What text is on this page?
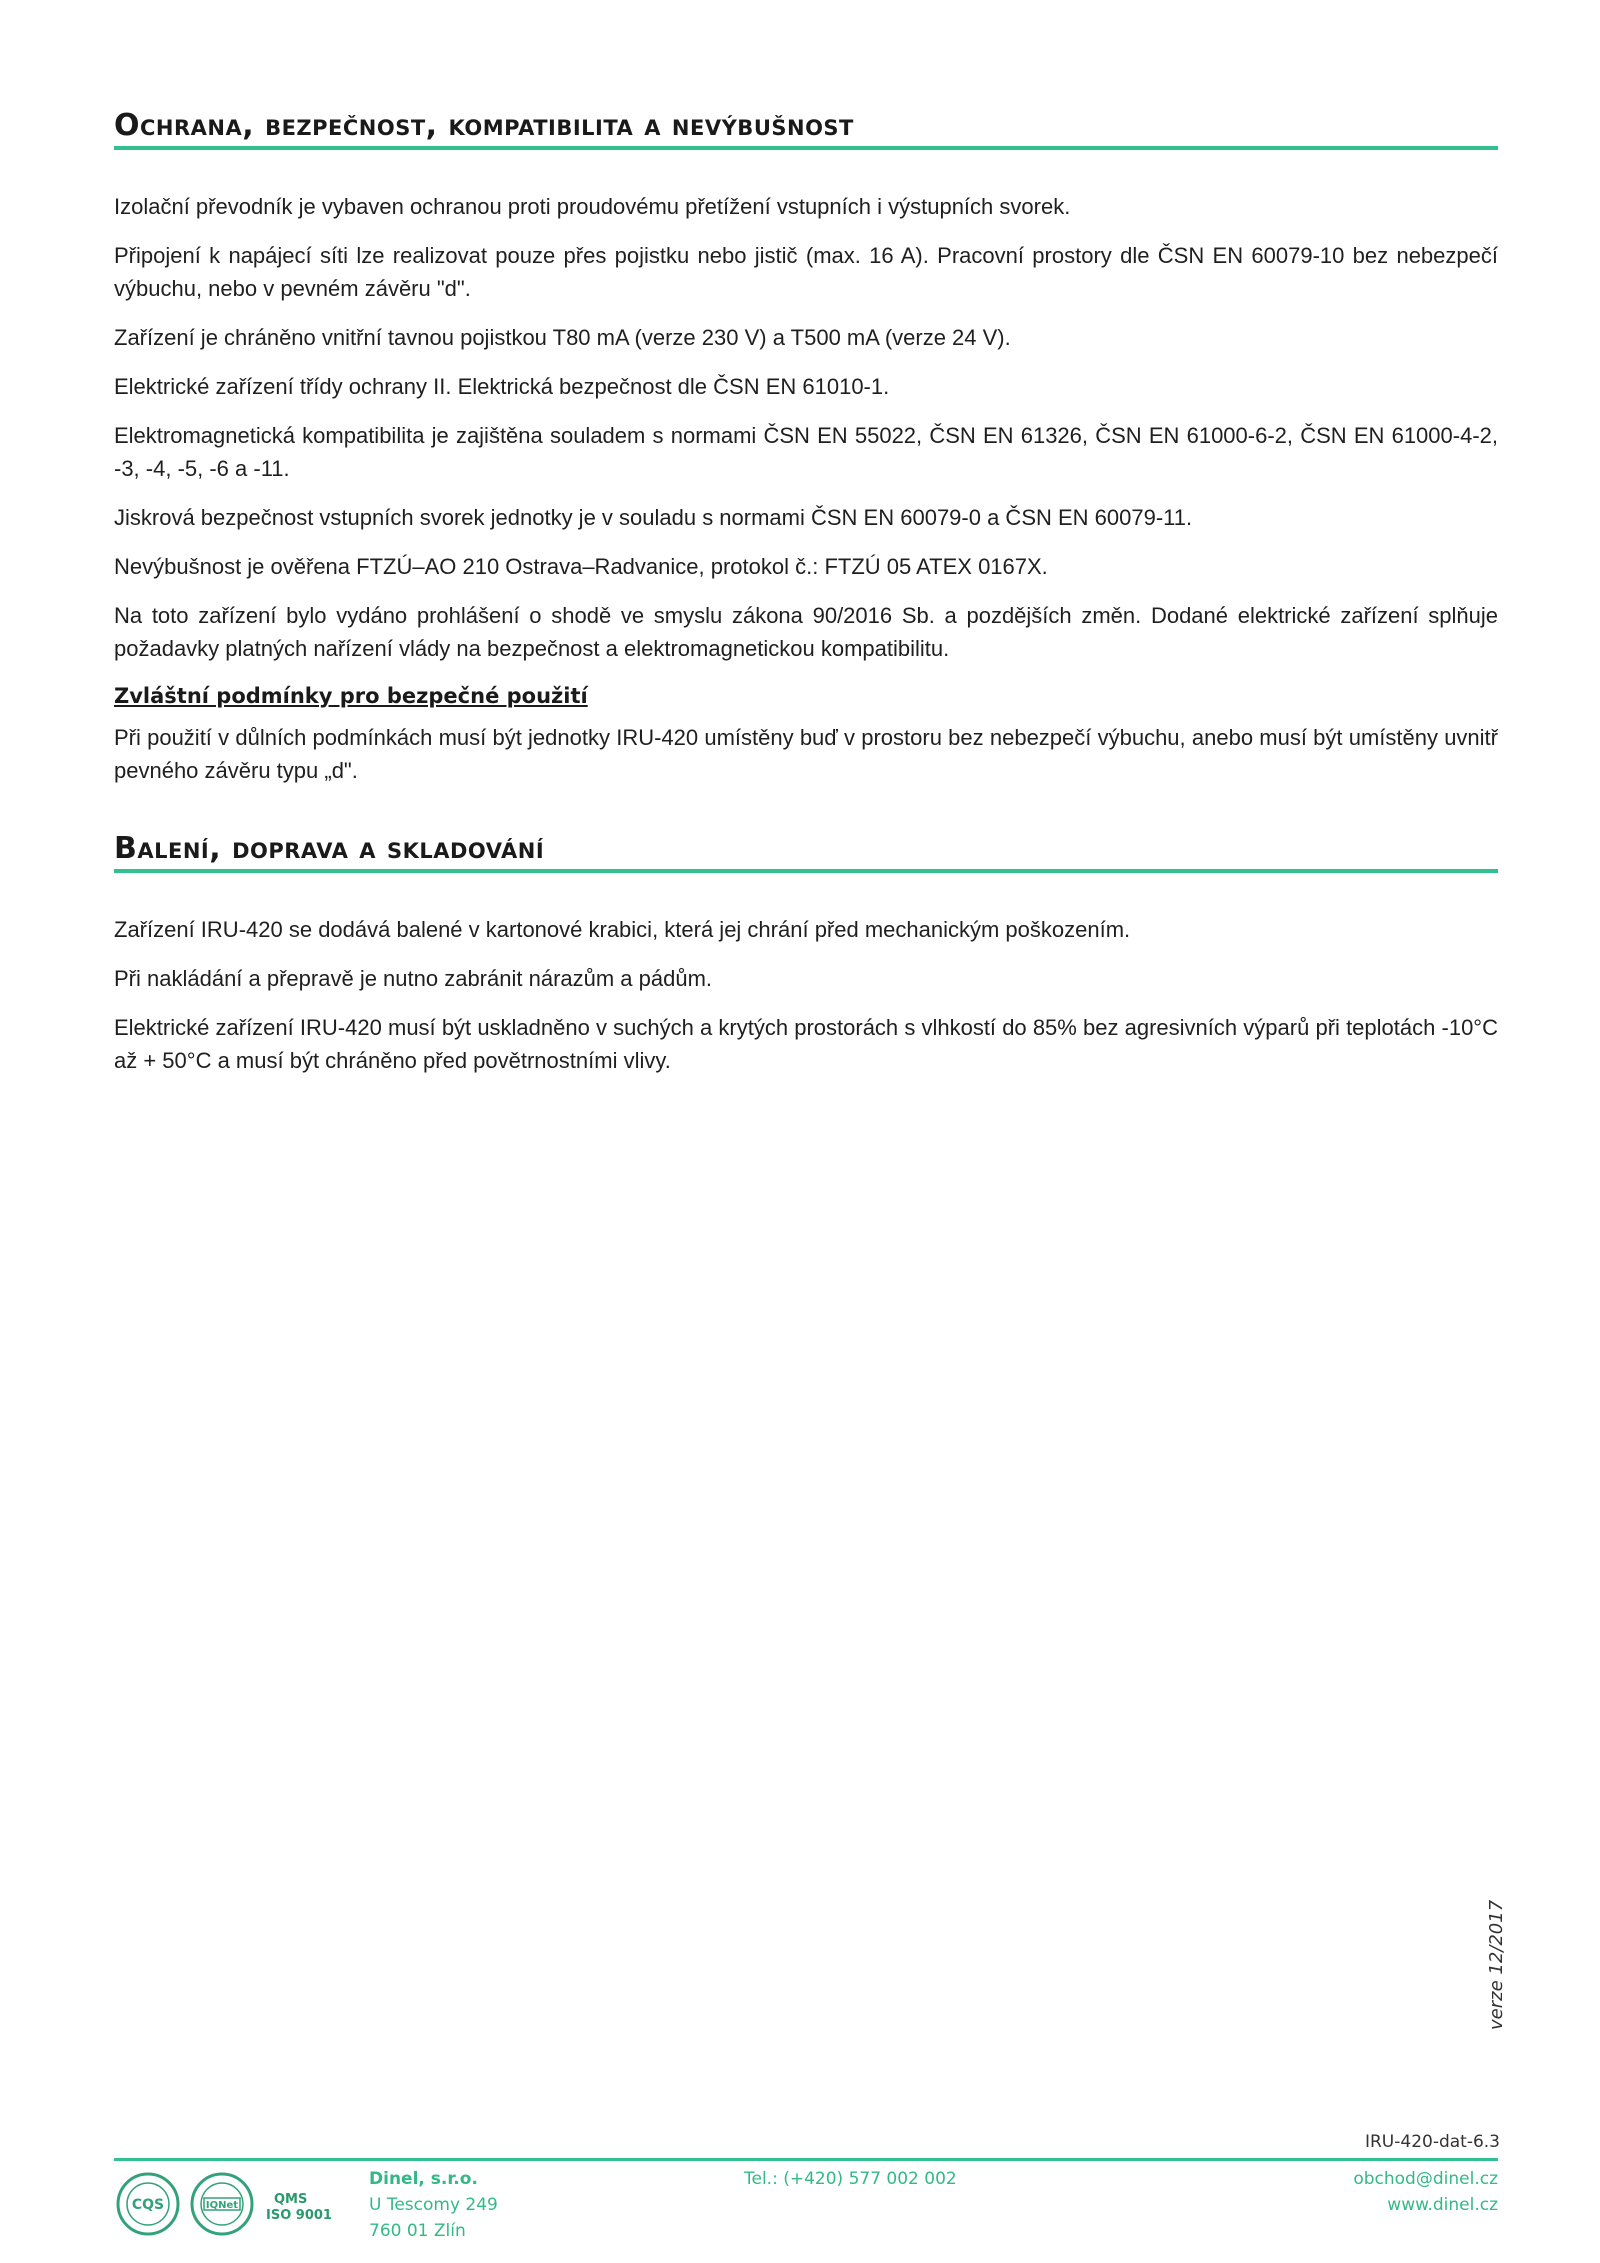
Ochrana, bezpečnost, kompatibilita a nevýbušnost

Izolační převodník je vybaven ochranou proti proudovému přetížení vstupních i výstupních svorek.

Připojení k napájecí síti lze realizovat pouze přes pojistku nebo jistič (max. 16 A). Pracovní prostory dle ČSN EN 60079-10 bez nebezpečí výbuchu, nebo v pevném závěru "d".

Zařízení je chráněno vnitřní tavnou pojistkou T80 mA (verze 230 V) a T500 mA (verze 24 V).

Elektrické zařízení třídy ochrany II. Elektrická bezpečnost dle ČSN EN 61010-1.

Elektromagnetická kompatibilita je zajištěna souladem s normami ČSN EN 55022, ČSN EN 61326, ČSN EN 61000-6-2, ČSN EN 61000-4-2, -3, -4, -5, -6 a -11.

Jiskrová bezpečnost vstupních svorek jednotky je v souladu s normami ČSN EN 60079-0 a ČSN EN 60079-11.

Nevýbušnost je ověřena FTZÚ–AO 210 Ostrava–Radvanice, protokol č.: FTZÚ 05 ATEX 0167X.

Na toto zařízení bylo vydáno prohlášení o shodě ve smyslu zákona 90/2016 Sb. a pozdějších změn. Dodané elektrické zařízení splňuje požadavky platných nařízení vlády na bezpečnost a elektromagnetickou kompatibilitu.

Zvláštní podmínky pro bezpečné použití

Při použití v důlních podmínkách musí být jednotky IRU-420 umístěny buď v prostoru bez nebezpečí výbuchu, anebo musí být umístěny uvnitř pevného závěru typu „d".

Balení, doprava a skladování

Zařízení IRU-420 se dodává balené v kartonové krabici, která jej chrání před mechanickým poškozením.

Při nakládání a přepravě je nutno zabránit nárazům a pádům.

Elektrické zařízení IRU-420 musí být uskladněno v suchých a krytých prostorách s vlhkostí do 85% bez agresivních výparů při teplotách -10°C až + 50°C a musí být chráněno před povětrnostními vlivy.

verze 12/2017
IRU-420-dat-6.3
CQS	IQNet	QMS
ISO 9001
Dinel, s.r.o.
U Tescomy 249
760 01 Zlín
Tel.: (+420) 577 002 002	obchod@dinel.cz
www.dinel.cz
